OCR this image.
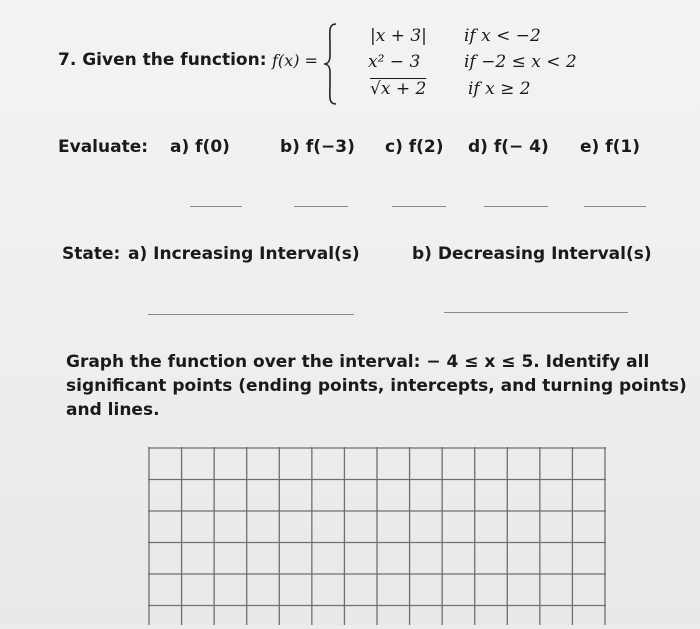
7. Given the function: f(x) =
|x + 3| if x < −2
x² − 3	if −2 ≤ x < 2
√x + 2 if x ≥ 2
Evaluate: a) f(0)	b) f(−3) c) f(2) d) f(− 4) e) f(1)
State: a) Increasing Interval(s)	b) Decreasing Interval(s)
Graph the function over the interval: − 4 ≤ x ≤ 5. Identify all
significant points (ending points, intercepts, and turning points)
and lines.
